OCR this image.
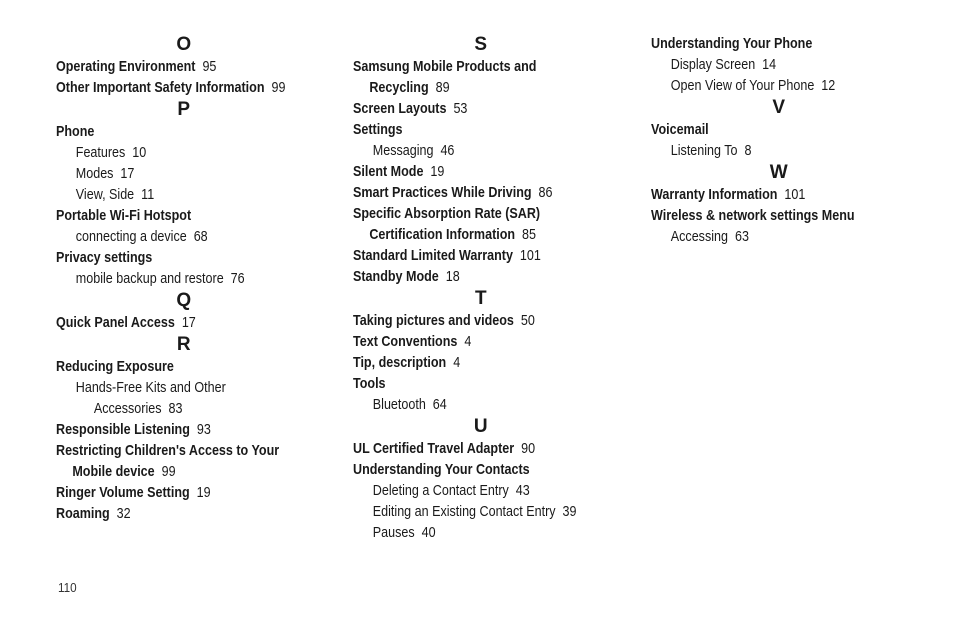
O
Operating Environment 95
Other Important Safety Information 99
P
Phone
Features 10
Modes 17
View, Side 11
Portable Wi-Fi Hotspot
connecting a device 68
Privacy settings
mobile backup and restore 76
Q
Quick Panel Access 17
R
Reducing Exposure
Hands-Free Kits and Other
Accessories 83
Responsible Listening 93
Restricting Children's Access to Your
Mobile device 99
Ringer Volume Setting 19
Roaming 32
S
Samsung Mobile Products and
Recycling 89
Screen Layouts 53
Settings
Messaging 46
Silent Mode 19
Smart Practices While Driving 86
Specific Absorption Rate (SAR)
Certification Information 85
Standard Limited Warranty 101
Standby Mode 18
T
Taking pictures and videos 50
Text Conventions 4
Tip, description 4
Tools
Bluetooth 64
U
UL Certified Travel Adapter 90
Understanding Your Contacts
Deleting a Contact Entry 43
Editing an Existing Contact Entry 39
Pauses 40
Understanding Your Phone
Display Screen 14
Open View of Your Phone 12
V
Voicemail
Listening To 8
W
Warranty Information 101
Wireless & network settings Menu
Accessing 63
110
